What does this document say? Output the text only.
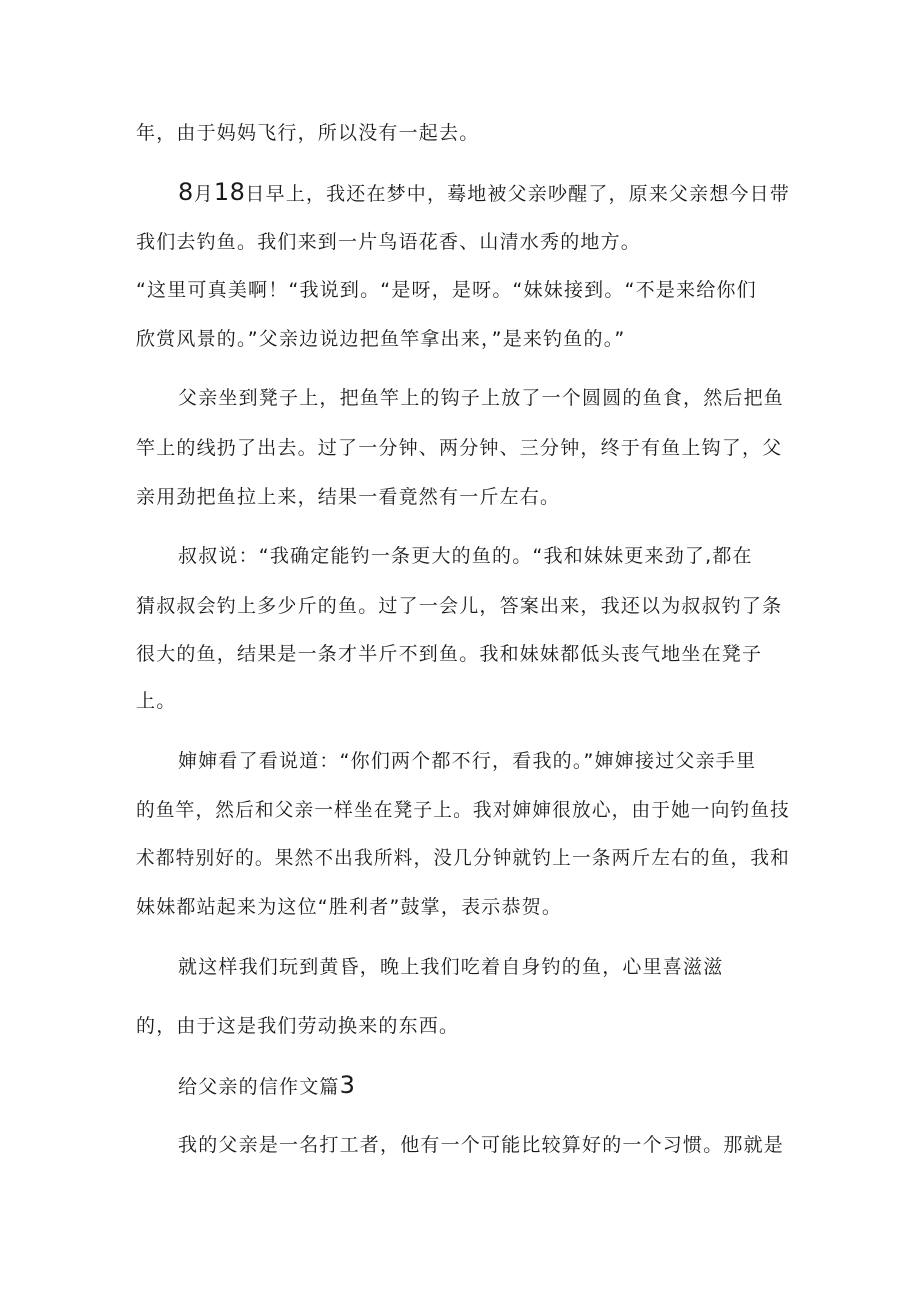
年，由于妈妈飞行，所以没有一起去。
8月18日早上，我还在梦中，蓦地被父亲吵醒了，原来父亲想今日带
我们去钓鱼。我们来到一片鸟语花香、山清水秀的地方。
“这里可真美啊！“我说到。“是呀，是呀。“妹妹接到。“不是来给你们
欣赏风景的。”父亲边说边把鱼竿拿出来，”是来钓鱼的。”
父亲坐到凳子上，把鱼竿上的钩子上放了一个圆圆的鱼食，然后把鱼
竿上的线扔了出去。过了一分钟、两分钟、三分钟，终于有鱼上钩了，父
亲用劲把鱼拉上来，结果一看竟然有一斤左右。
叔叔说：“我确定能钓一条更大的鱼的。“我和妹妹更来劲了,都在
猜叔叔会钓上多少斤的鱼。过了一会儿，答案出来，我还以为叔叔钓了条
很大的鱼，结果是一条才半斤不到鱼。我和妹妹都低头丧气地坐在凳子
上。
婶婶看了看说道：“你们两个都不行，看我的。”婶婶接过父亲手里
的鱼竿，然后和父亲一样坐在凳子上。我对婶婶很放心，由于她一向钓鱼技
术都特别好的。果然不出我所料，没几分钟就钓上一条两斤左右的鱼，我和
妹妹都站起来为这位“胜利者”鼓掌，表示恭贺。
就这样我们玩到黄昏，晚上我们吃着自身钓的鱼，心里喜滋滋
的，由于这是我们劳动换来的东西。
给父亲的信作文篇3
我的父亲是一名打工者，他有一个可能比较算好的一个习惯。那就是
